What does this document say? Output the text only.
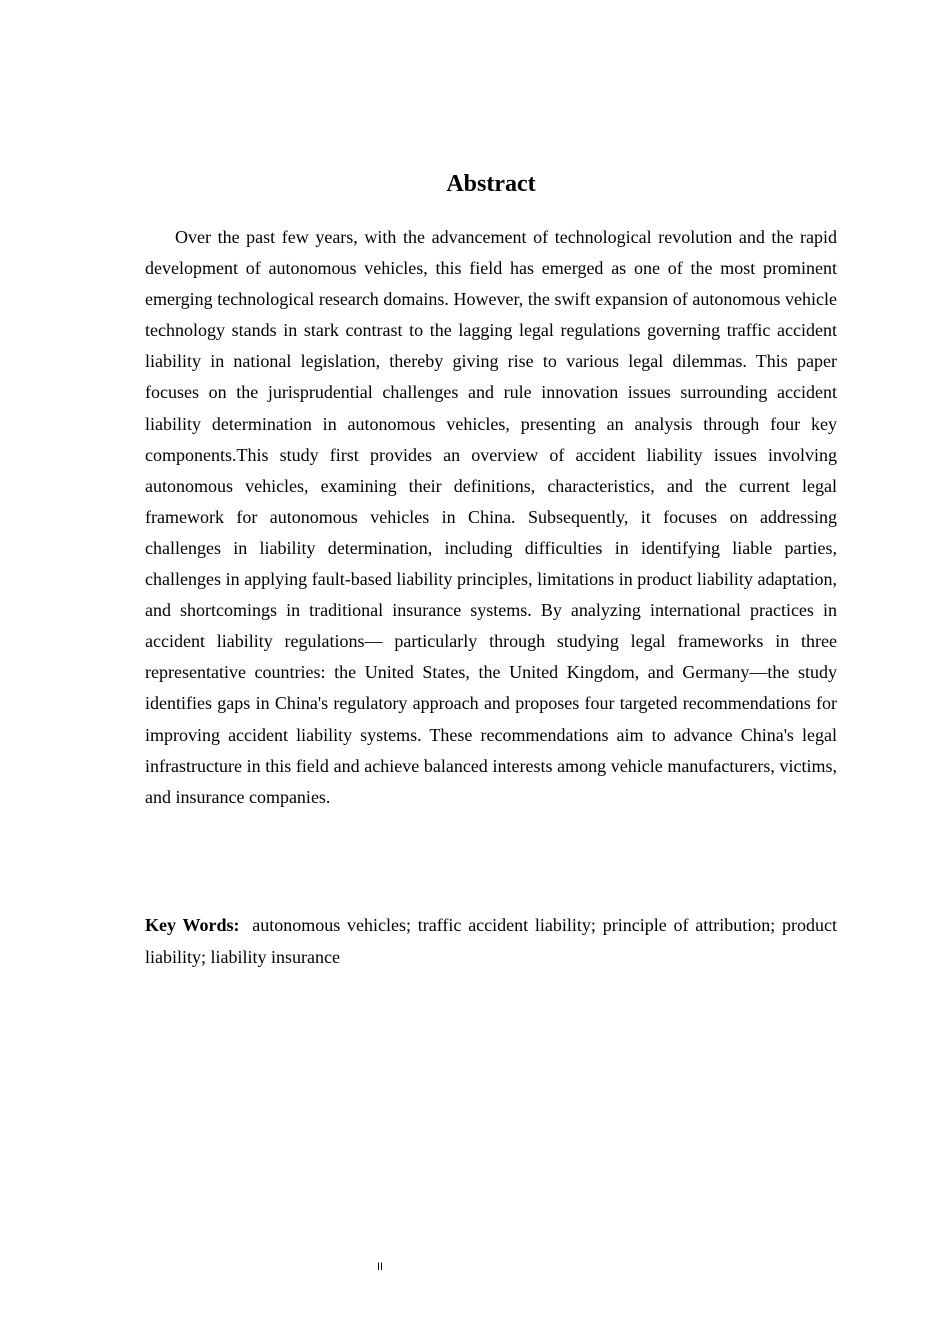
Abstract

Over the past few years, with the advancement of technological revolution and the rapid development of autonomous vehicles, this field has emerged as one of the most prominent emerging technological research domains. However, the swift expansion of autonomous vehicle technology stands in stark contrast to the lagging legal regulations governing traffic accident liability in national legislation, thereby giving rise to various legal dilemmas. This paper focuses on the jurisprudential challenges and rule innovation issues surrounding accident liability determination in autonomous vehicles, presenting an analysis through four key components.This study first provides an overview of accident liability issues involving autonomous vehicles, examining their definitions, characteristics, and the current legal framework for autonomous vehicles in China. Subsequently, it focuses on addressing challenges in liability determination, including difficulties in identifying liable parties, challenges in applying fault-based liability principles, limitations in product liability adaptation, and shortcomings in traditional insurance systems. By analyzing international practices in accident liability regulations— particularly through studying legal frameworks in three representative countries: the United States, the United Kingdom, and Germany—the study identifies gaps in China's regulatory approach and proposes four targeted recommendations for improving accident liability systems. These recommendations aim to advance China's legal infrastructure in this field and achieve balanced interests among vehicle manufacturers, victims, and insurance companies.

Key Words: autonomous vehicles; traffic accident liability; principle of attribution; product liability; liability insurance

II
